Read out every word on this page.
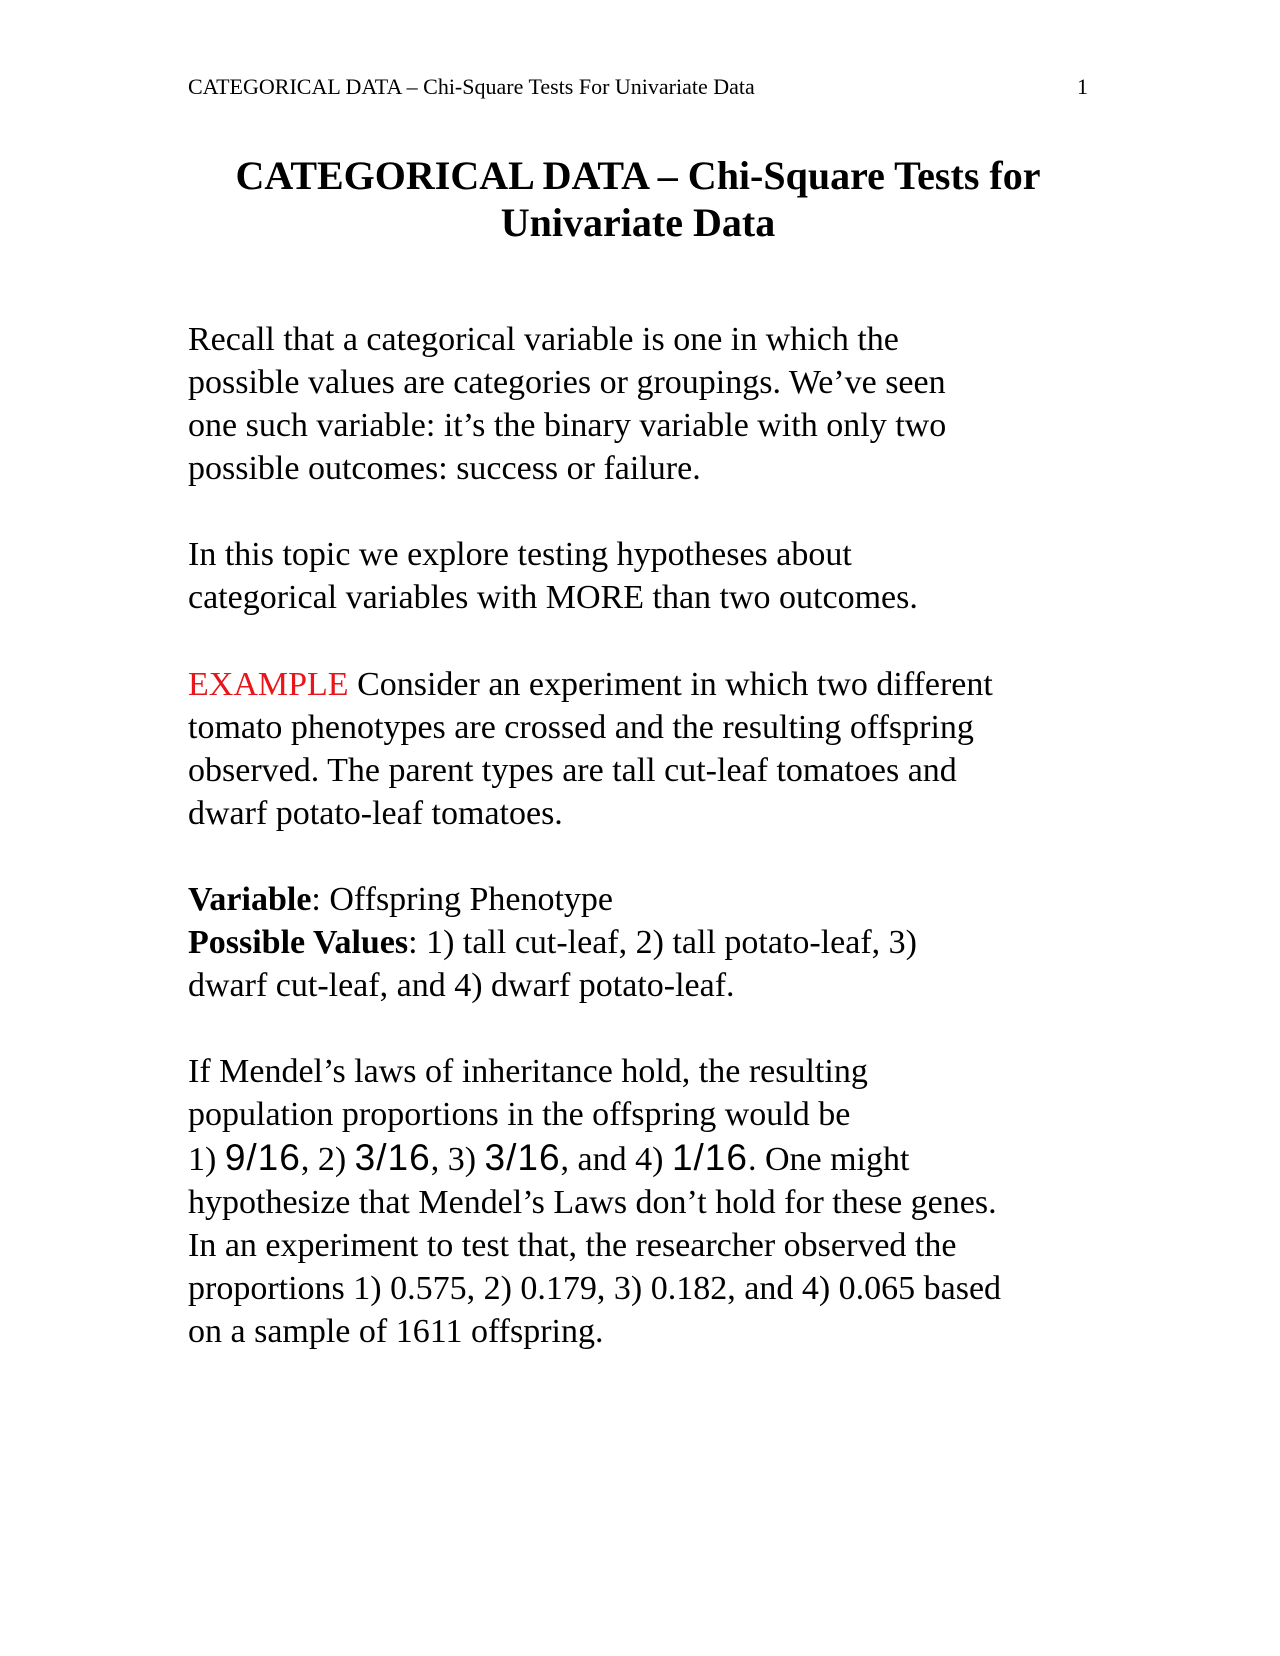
CATEGORICAL DATA – Chi-Square Tests For Univariate Data	1
CATEGORICAL DATA – Chi-Square Tests for
Univariate Data

Recall that a categorical variable is one in which the
possible values are categories or groupings. We’ve seen
one such variable: it’s the binary variable with only two
possible outcomes: success or failure.

In this topic we explore testing hypotheses about
categorical variables with MORE than two outcomes.

EXAMPLE Consider an experiment in which two different
tomato phenotypes are crossed and the resulting offspring
observed. The parent types are tall cut-leaf tomatoes and
dwarf potato-leaf tomatoes.

Variable: Offspring Phenotype
Possible Values: 1) tall cut-leaf, 2) tall potato-leaf, 3)
dwarf cut-leaf, and 4) dwarf potato-leaf.

If Mendel’s laws of inheritance hold, the resulting
population proportions in the offspring would be
1) 9/16, 2) 3/16, 3) 3/16, and 4) 1/16. One might
hypothesize that Mendel’s Laws don’t hold for these genes.
In an experiment to test that, the researcher observed the
proportions 1) 0.575, 2) 0.179, 3) 0.182, and 4) 0.065 based
on a sample of 1611 offspring.
